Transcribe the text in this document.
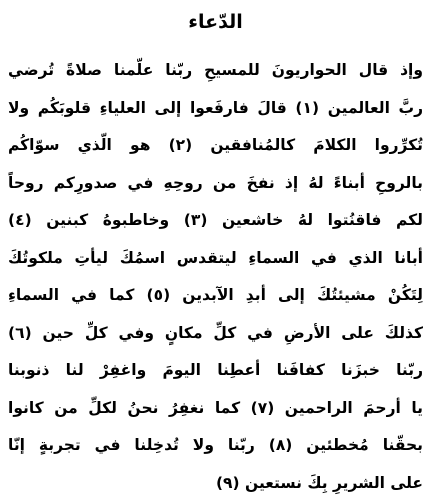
الدّعاء
وإذ قال الحواريونَ للمسيحِ ربّنا علّمنا صلاةً تُرضي
ربَّ العالمين (١) قالَ فارفَعوا إلى العلياءِ قلوبَكُم ولا
تُكرِّروا الكلامَ كالمُنافقين (٢) هو الّذي سوّاكُم
بالروحِ أبناءً لهُ إذ نفخَ من روحِهِ في صدورِكم روحاً
لكم فاقنُتوا لهُ خاشعين (٣) وخاطبوهُ كبنين (٤)
أبانا الذي في السماءِ ليتقدس اسمُكَ ليأتِ ملكوتُكَ
لِتَكُنْ مشيئتُكَ إلى أبدِ الآبدين (٥) كما في السماءِ
كذلكَ على الأرضِ في كلِّ مكانٍ وفي كلِّ حين (٦)
ربّنا خبزَنا كفافَنا أعطِنا اليومَ واغفِرْ لنا ذنوبنا
يا أرحمَ الراحمين (٧) كما نغفِرُ نحنُ لكلِّ من كانوا
بحقّنا مُخطئين (٨) ربّنا ولا تُدخِلنا في تجربةٍ إنّا
على الشريرِ بِكَ نستعين (٩)
